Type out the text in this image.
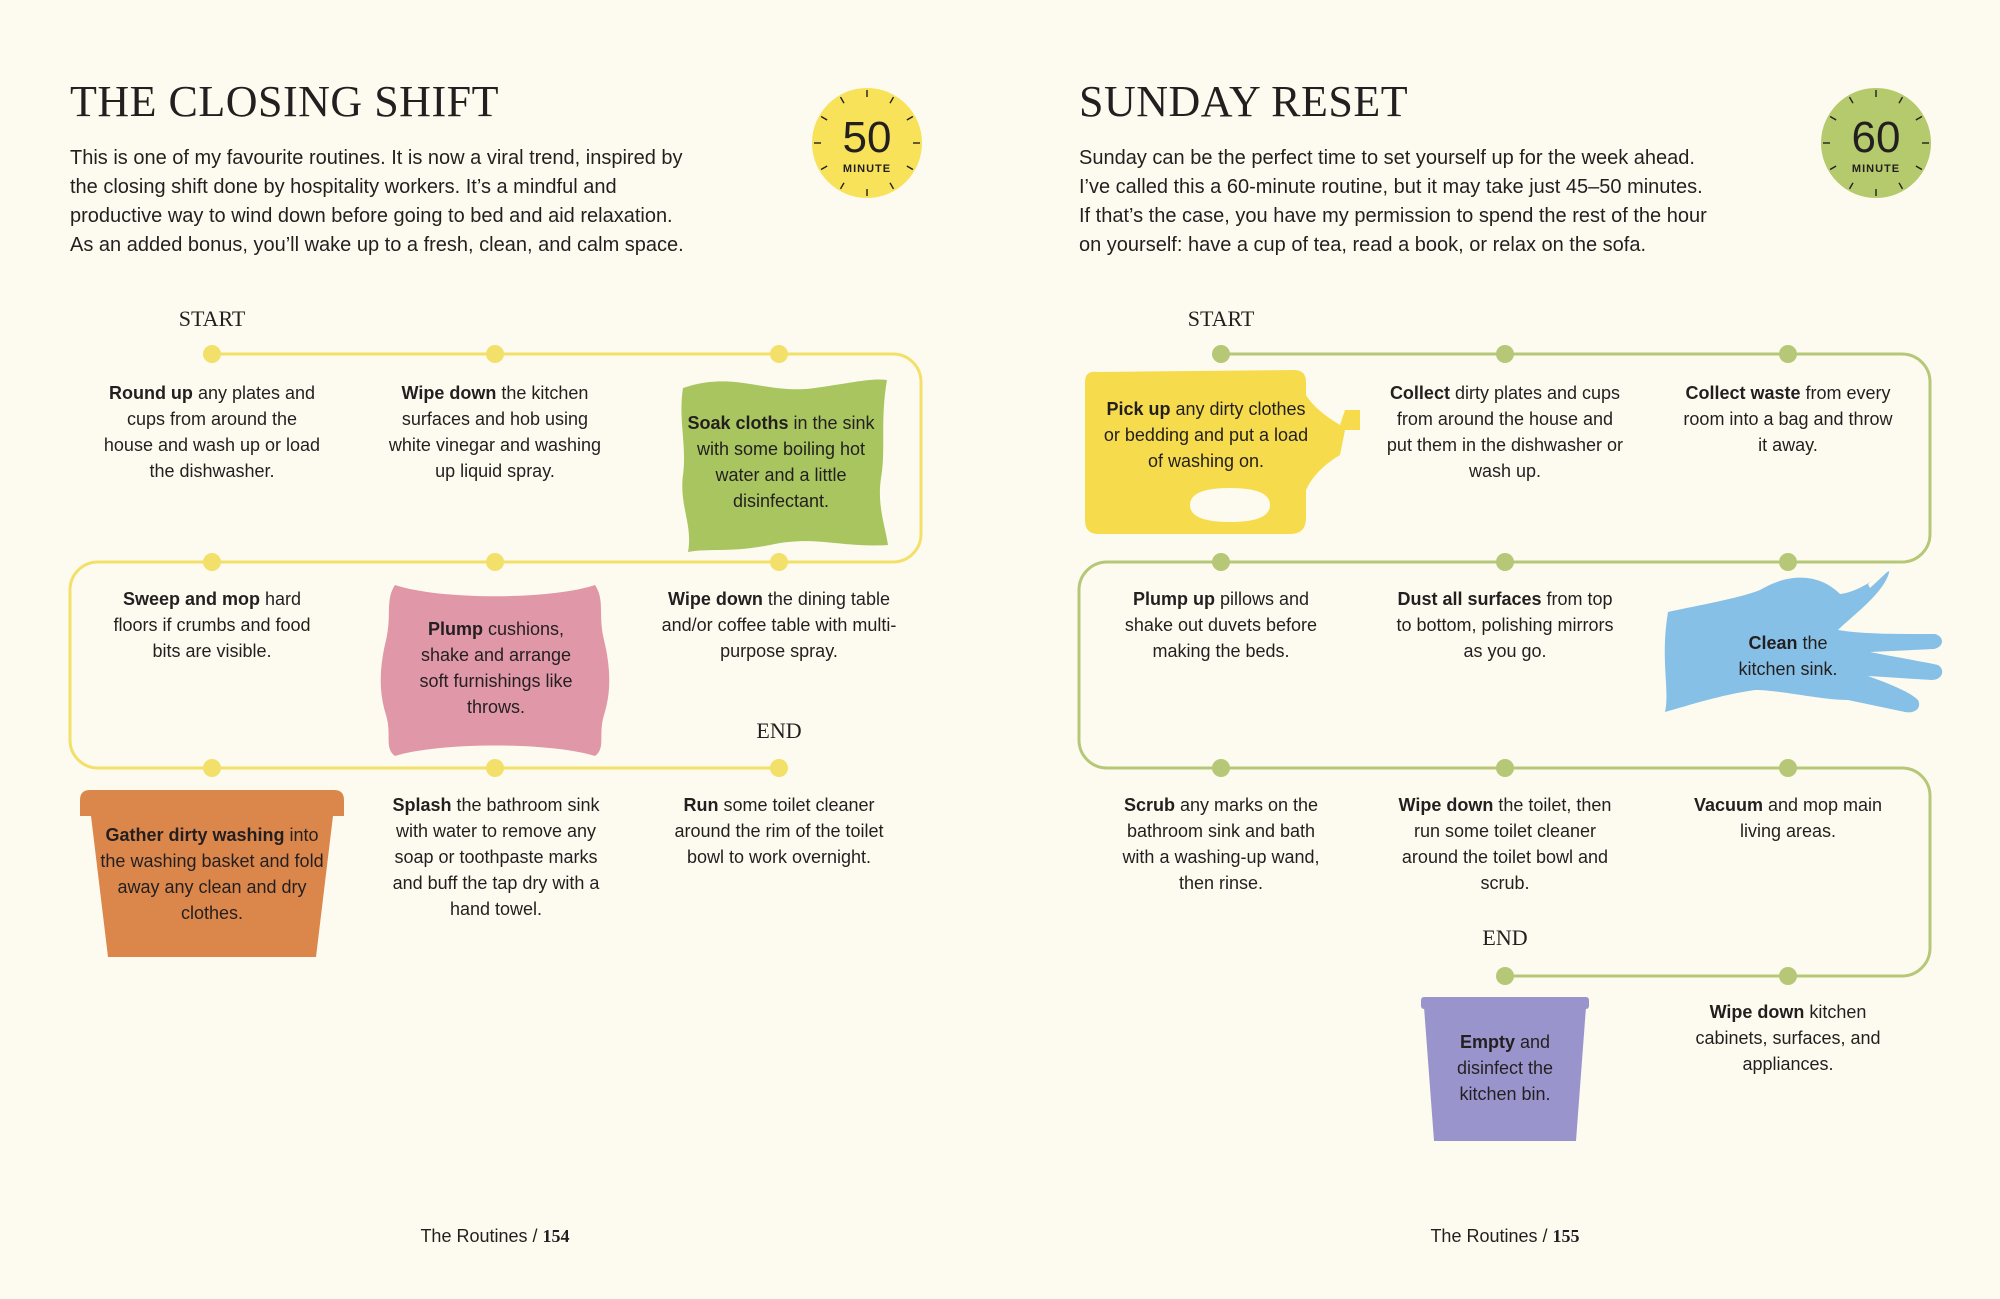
50
MINUTE
60
MINUTE
THE CLOSING SHIFT

This is one of my favourite routines. It is now a viral trend, inspired by

the closing shift done by hospitality workers. It’s a mindful and

productive way to wind down before going to bed and aid relaxation.

As an added bonus, you’ll wake up to a fresh, clean, and calm space.

START
END
Round up any plates and cups from around the house and wash up or load the dishwasher.
Wipe down the kitchen surfaces and hob using white vinegar and washing up liquid spray.
Soak cloths in the sink with some boiling hot water and a little disinfectant.
Sweep and mop hard floors if crumbs and food bits are visible.
Plump cushions, shake and arrange soft furnishings like throws.
Wipe down the dining table and/or coffee table with multi-purpose spray.
Gather dirty washing into the washing basket and fold away any clean and dry clothes.
Splash the bathroom sink with water to remove any soap or toothpaste marks and buff the tap dry with a hand towel.
Run some toilet cleaner around the rim of the toilet bowl to work overnight.
The Routines / 154
SUNDAY RESET

Sunday can be the perfect time to set yourself up for the week ahead.

I’ve called this a 60-minute routine, but it may take just 45–50 minutes.

If that’s the case, you have my permission to spend the rest of the hour

on yourself: have a cup of tea, read a book, or relax on the sofa.

START
END
Pick up any dirty clothes or bedding and put a load of washing on.
Collect dirty plates and cups from around the house and put them in the dishwasher or wash up.
Collect waste from every room into a bag and throw it away.
Plump up pillows and shake out duvets before making the beds.
Dust all surfaces from top to bottom, polishing mirrors as you go.	Clean the kitchen sink.
Scrub any marks on the bathroom sink and bath with a washing-up wand, then rinse.
Wipe down the toilet, then run some toilet cleaner around the toilet bowl and scrub.
Vacuum and mop main living areas.
Wipe down kitchen cabinets, surfaces, and appliances.
Empty and disinfect the kitchen bin.
The Routines / 155
